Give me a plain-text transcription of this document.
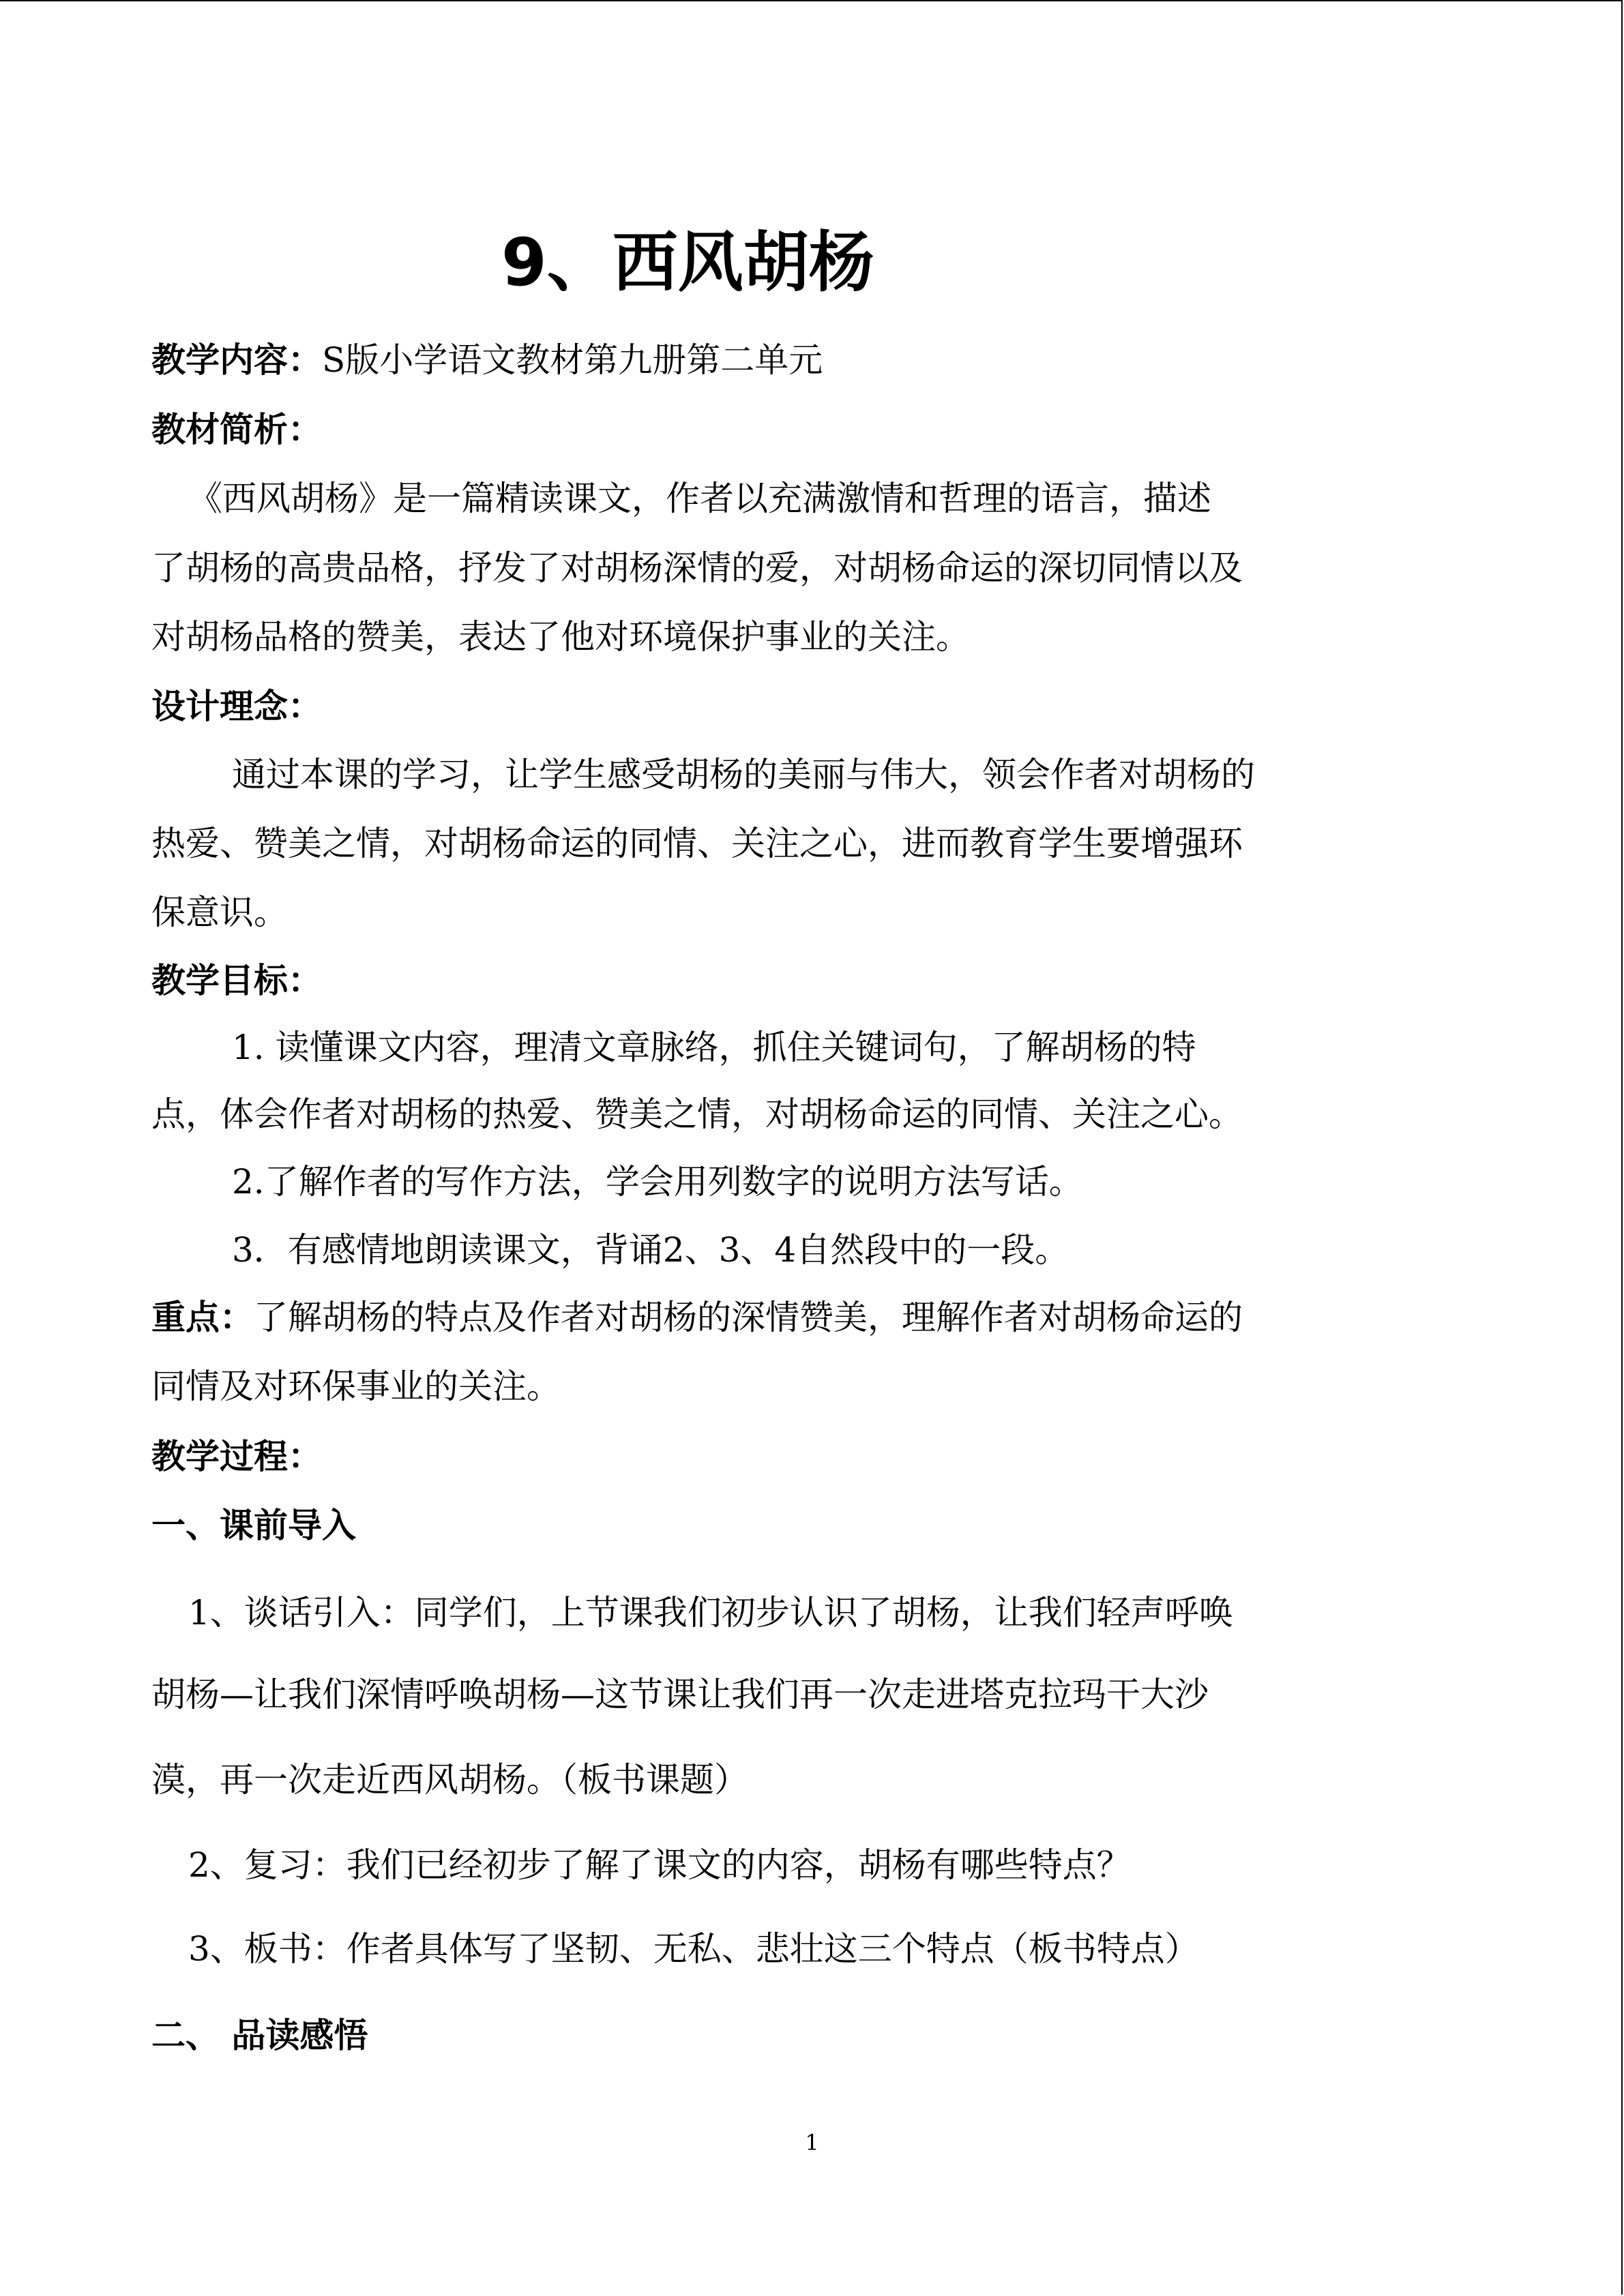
9、西风胡杨

教学内容：S版小学语文教材第九册第二单元

教材简析：

《西风胡杨》是一篇精读课文，作者以充满激情和哲理的语言，描述

了胡杨的高贵品格，抒发了对胡杨深情的爱，对胡杨命运的深切同情以及

对胡杨品格的赞美，表达了他对环境保护事业的关注。

设计理念：

通过本课的学习，让学生感受胡杨的美丽与伟大，领会作者对胡杨的

热爱、赞美之情，对胡杨命运的同情、关注之心，进而教育学生要增强环

保意识。

教学目标：

1. 读懂课文内容，理清文章脉络，抓住关键词句，了解胡杨的特

点，体会作者对胡杨的热爱、赞美之情，对胡杨命运的同情、关注之心。

2.了解作者的写作方法，学会用列数字的说明方法写话。

3．有感情地朗读课文，背诵2、3、4自然段中的一段。

重点：了解胡杨的特点及作者对胡杨的深情赞美，理解作者对胡杨命运的

同情及对环保事业的关注。

教学过程：

一、课前导入

1、谈话引入：同学们，上节课我们初步认识了胡杨，让我们轻声呼唤

胡杨—让我们深情呼唤胡杨—这节课让我们再一次走进塔克拉玛干大沙

漠，再一次走近西风胡杨。（板书课题）

2、复习：我们已经初步了解了课文的内容，胡杨有哪些特点？

3、板书：作者具体写了坚韧、无私、悲壮这三个特点（板书特点）

二、 品读感悟

1
